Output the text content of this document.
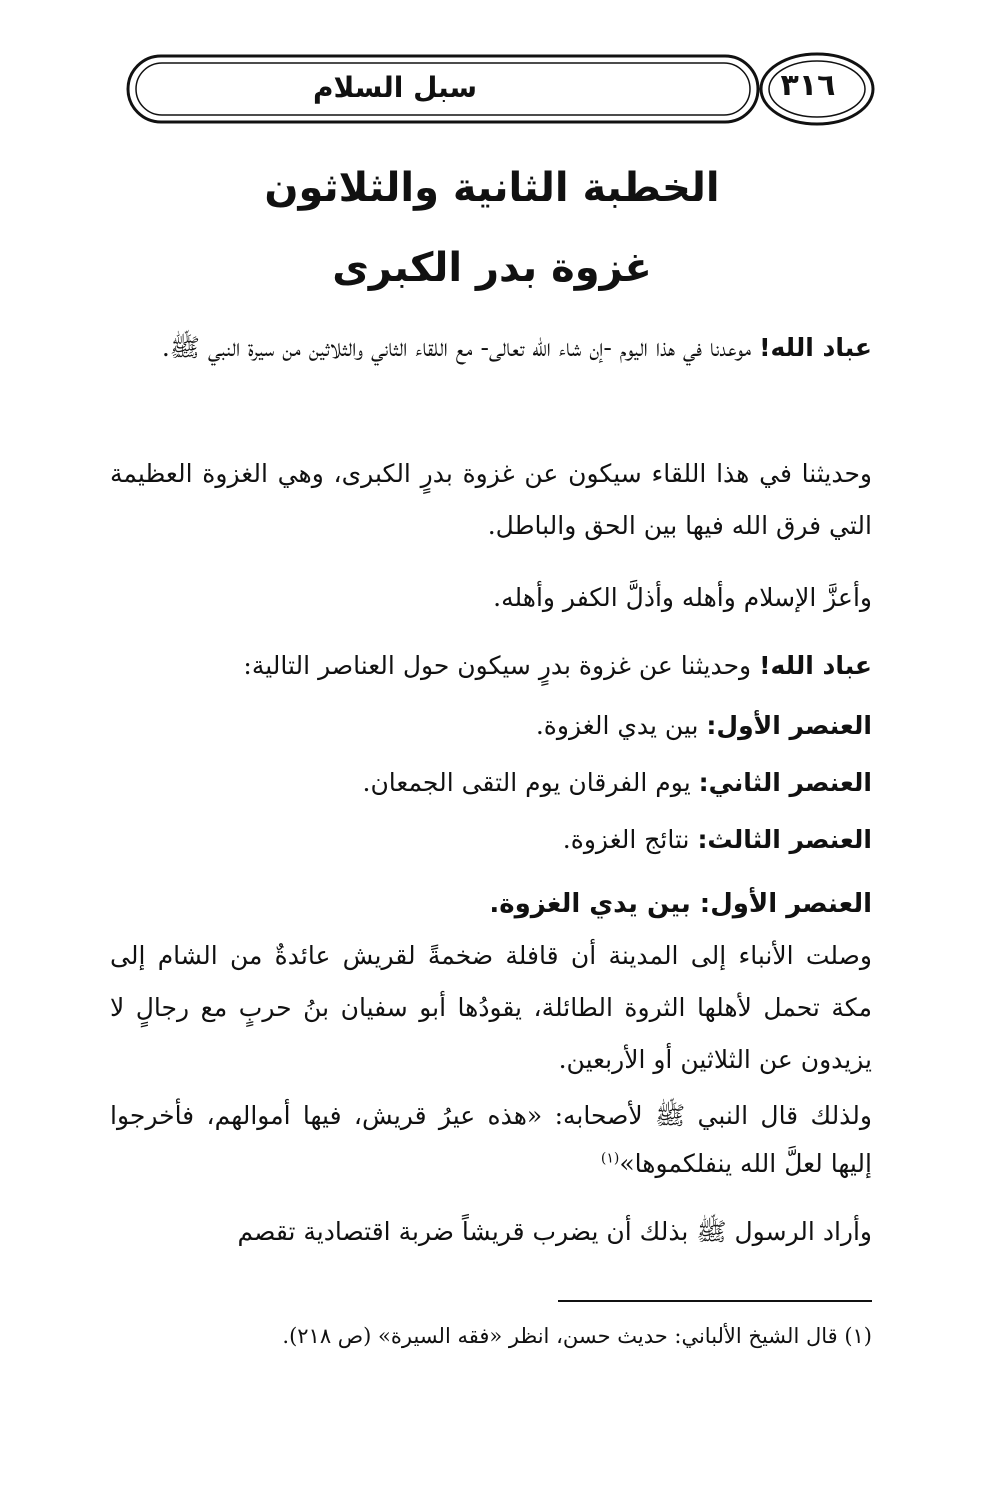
سبل السلام	٣١٦
الخطبة الثانية والثلاثون
غزوة بدر الكبرى
عباد الله! موعدنا في هذا اليوم -إن شاء الله تعالى- مع اللقاء الثاني والثلاثين من سيرة النبي ﷺ.
وحديثنا في هذا اللقاء سيكون عن غزوة بدرٍ الكبرى، وهي الغزوة العظيمة التي فرق الله فيها بين الحق والباطل.
وأعزَّ الإسلام وأهله وأذلَّ الكفر وأهله.
عباد الله! وحديثنا عن غزوة بدرٍ سيكون حول العناصر التالية:
العنصر الأول: بين يدي الغزوة.
العنصر الثاني: يوم الفرقان يوم التقى الجمعان.
العنصر الثالث: نتائج الغزوة.
العنصر الأول: بين يدي الغزوة.
وصلت الأنباء إلى المدينة أن قافلة ضخمةً لقريش عائدةٌ من الشام إلى مكة تحمل لأهلها الثروة الطائلة، يقودُها أبو سفيان بنُ حربٍ مع رجالٍ لا يزيدون عن الثلاثين أو الأربعين.
ولذلك قال النبي ﷺ لأصحابه: «هذه عيرُ قريش، فيها أموالهم، فأخرجوا إليها لعلَّ الله ينفلكموها»$^{(١)}$
وأراد الرسول ﷺ بذلك أن يضرب قريشاً ضربة اقتصادية تقصم
(١) قال الشيخ الألباني: حديث حسن، انظر «فقه السيرة» (ص ٢١٨).
